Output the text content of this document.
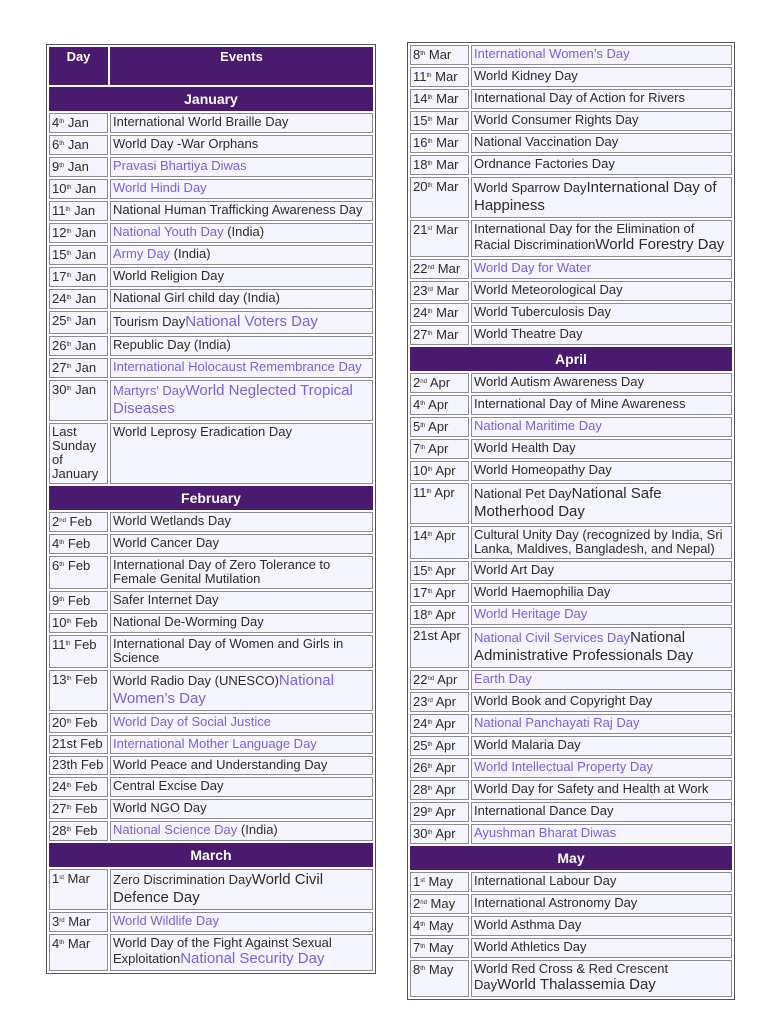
Day	Events
January	
4th Jan	International World Braille Day
6th Jan	World Day -War Orphans
9th Jan	Pravasi Bhartiya Diwas
10th Jan	World Hindi Day
11th Jan	National Human Trafficking Awareness Day
12th Jan	National Youth Day (India)
15th Jan	Army Day (India)
17th Jan	World Religion Day
24th Jan	National Girl child day (India)
25th Jan	Tourism DayNational Voters Day
26th Jan	Republic Day (India)
27th Jan	International Holocaust Remembrance Day
30th Jan	Martyrs' DayWorld Neglected Tropical Diseases
Last Sunday of January	World Leprosy Eradication Day
February	
2nd Feb	World Wetlands Day
4th Feb	World Cancer Day
6th Feb	International Day of Zero Tolerance to Female Genital Mutilation
9th Feb	Safer Internet Day
10th Feb	National De-Worming Day
11th Feb	International Day of Women and Girls in Science
13th Feb	World Radio Day (UNESCO)National Women’s Day
20th Feb	World Day of Social Justice
21st Feb	International Mother Language Day
23th Feb	World Peace and Understanding Day
24th Feb	Central Excise Day
27th Feb	World NGO Day
28th Feb	National Science Day (India)
March	
1st Mar	Zero Discrimination DayWorld Civil Defence Day
3rd Mar	World Wildlife Day
4th Mar	World Day of the Fight Against Sexual ExploitationNational Security Day
8th Mar	International Women’s Day
11th Mar	World Kidney Day
14th Mar	International Day of Action for Rivers
15th Mar	World Consumer Rights Day
16th Mar	National Vaccination Day
18th Mar	Ordnance Factories Day
20th Mar	World Sparrow DayInternational Day of Happiness
21st Mar	International Day for the Elimination of Racial DiscriminationWorld Forestry Day
22nd Mar	World Day for Water
23rd Mar	World Meteorological Day
24th Mar	World Tuberculosis Day
27th Mar	World Theatre Day
April	
2nd Apr	World Autism Awareness Day
4th Apr	International Day of Mine Awareness
5th Apr	National Maritime Day
7th Apr	World Health Day
10th Apr	World Homeopathy Day
11th Apr	National Pet DayNational Safe Motherhood Day
14th Apr	Cultural Unity Day (recognized by India, Sri Lanka, Maldives, Bangladesh, and Nepal)
15th Apr	World Art Day
17th Apr	World Haemophilia Day
18th Apr	World Heritage Day
21st Apr	National Civil Services DayNational Administrative Professionals Day
22nd Apr	Earth Day
23rd Apr	World Book and Copyright Day
24th Apr	National Panchayati Raj Day
25th Apr	World Malaria Day
26th Apr	World Intellectual Property Day
28th Apr	World Day for Safety and Health at Work
29th Apr	International Dance Day
30th Apr	Ayushman Bharat Diwas
May	
1st May	International Labour Day
2nd May	International Astronomy Day
4th May	World Asthma Day
7th May	World Athletics Day
8th May	World Red Cross & Red Crescent DayWorld Thalassemia Day
